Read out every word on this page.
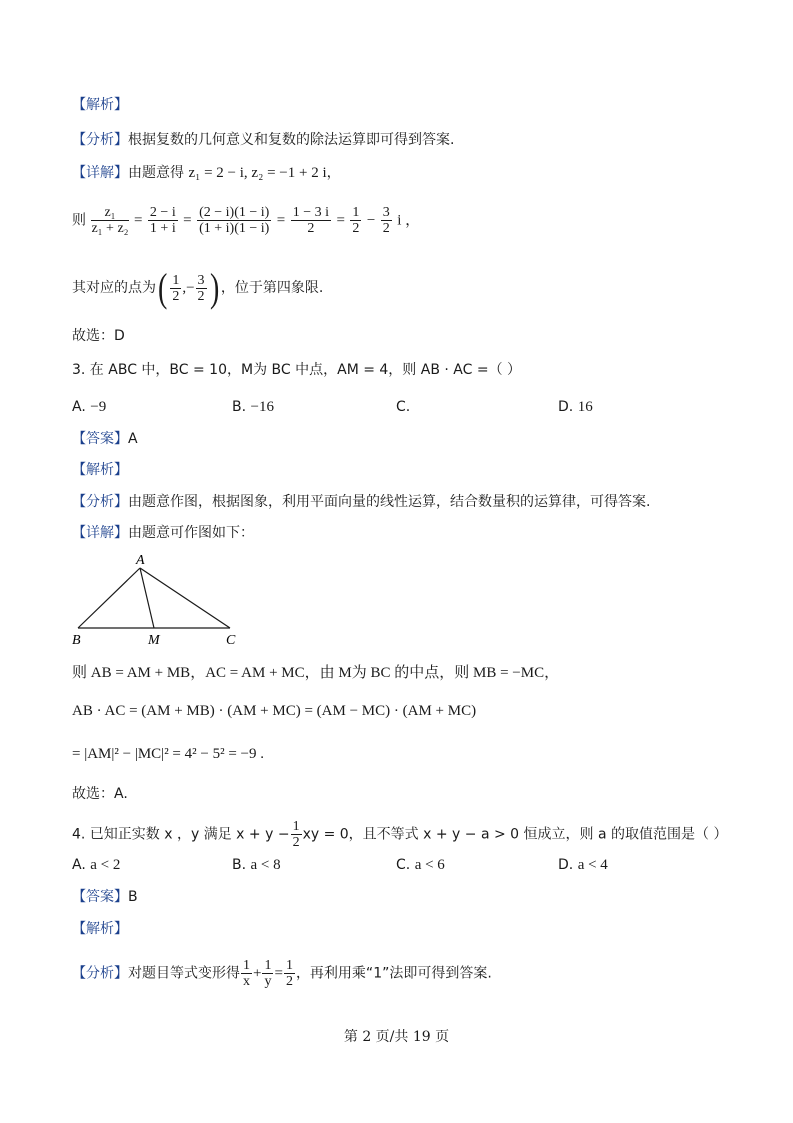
【解析】
【分析】根据复数的几何意义和复数的除法运算即可得到答案.
【详解】由题意得 z₁ = 2 − i, z₂ = −1 + 2 i，
则 $\frac{\text{z₁}}{\text{z₁ + z₂}} = \frac{2 - i}{1 + i} = \frac{(2 - i)(1 - i)}{(1 + i)(1 - i)} = \frac{1 - 3 i}{2} = \frac{1}{2} - \frac{3}{2}$ i ，
其对应的点为( $\frac{1}{2}$ ,− $\frac{3}{2}$ ) ，位于第四象限.
故选：D
3. 在 ABC 中，BC = 10，M为 BC 中点，AM = 4，则 AB · AC =（ ）
A. −9	B. −16	C.	D. 16
【答案】A
【解析】
【分析】由题意作图，根据图象，利用平面向量的线性运算，结合数量积的运算律，可得答案.
【详解】由题意可作图如下：
A
B	M	C
则 AB = AM + MB，AC = AM + MC，由 M为 BC 的中点，则 MB = −MC，
AB · AC = (AM + MB) · (AM + MC) = (AM − MC) · (AM + MC)
= |AM|² − |MC|² = 4² − 5² = −9 .
故选：A.
4. 已知正实数 x ，y 满足 $x + y - \frac{1}{2}$ xy = 0，且不等式 x + y − a > 0 恒成立，则 a 的取值范围是（ ）
A. a < 2	B. a < 8	C. a < 6	D. a < 4
【答案】B
【解析】
【分析】对题目等式变形得 $\frac{1}{x} + \frac{1}{y} = \frac{1}{2}$ ，再利用乘“1”法即可得到答案.
第 2 页/共 19 页
